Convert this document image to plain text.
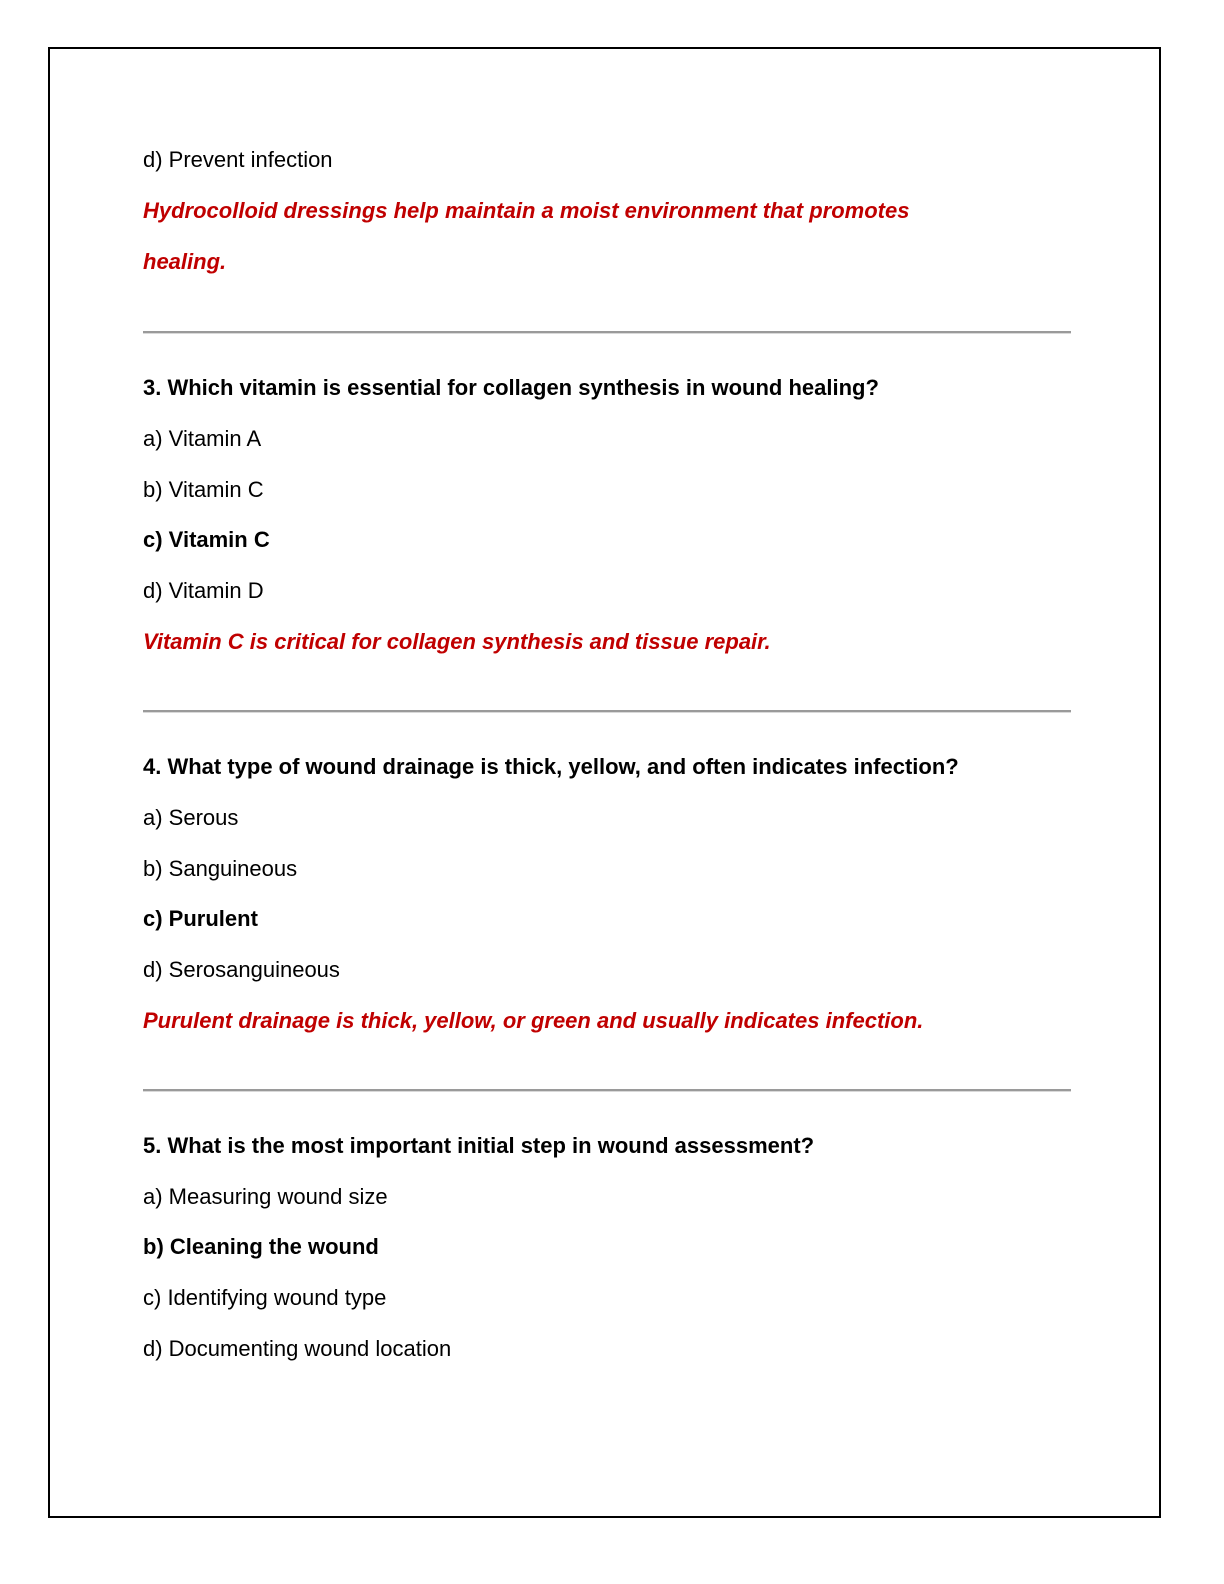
d) Prevent infection
Hydrocolloid dressings help maintain a moist environment that promotes
healing.
3. Which vitamin is essential for collagen synthesis in wound healing?
a) Vitamin A
b) Vitamin C
c) Vitamin C
d) Vitamin D
Vitamin C is critical for collagen synthesis and tissue repair.
4. What type of wound drainage is thick, yellow, and often indicates infection?
a) Serous
b) Sanguineous
c) Purulent
d) Serosanguineous
Purulent drainage is thick, yellow, or green and usually indicates infection.
5. What is the most important initial step in wound assessment?
a) Measuring wound size
b) Cleaning the wound
c) Identifying wound type
d) Documenting wound location
